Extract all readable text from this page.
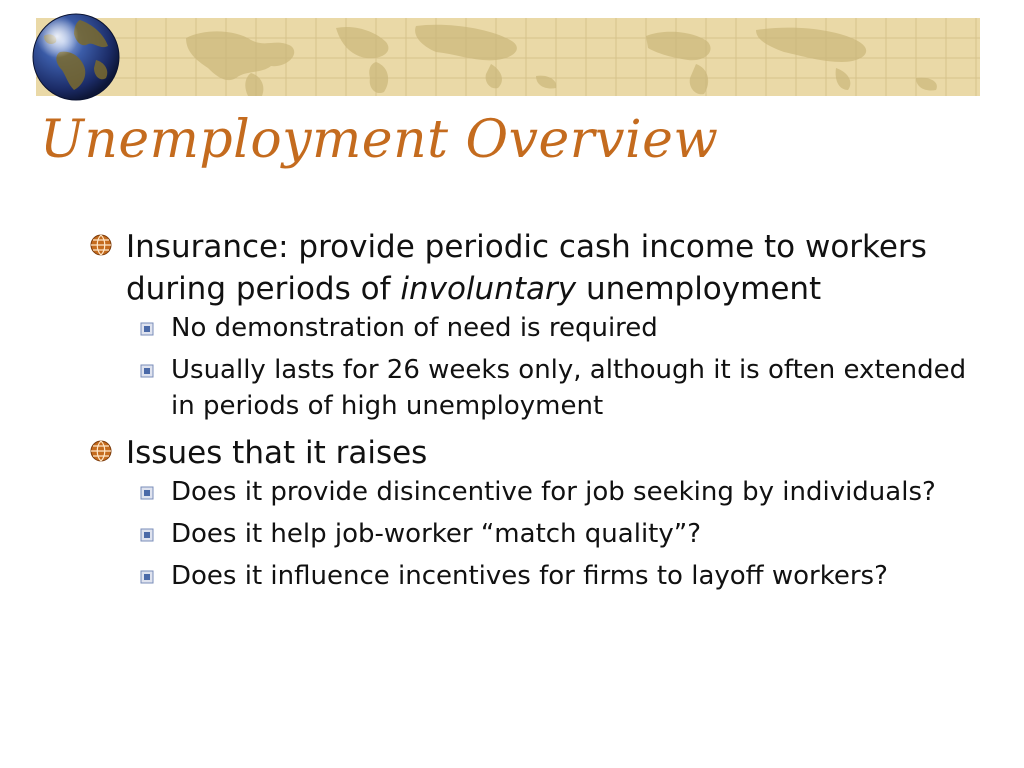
Unemployment Overview
Insurance: provide periodic cash income to workers during periods of involuntary unemployment
No demonstration of need is required
Usually lasts for 26 weeks only, although it is often extended in periods of high unemployment
Issues that it raises
Does it provide disincentive for job seeking by individuals?
Does it help job-worker “match quality”?
Does it influence incentives for firms to layoff workers?
